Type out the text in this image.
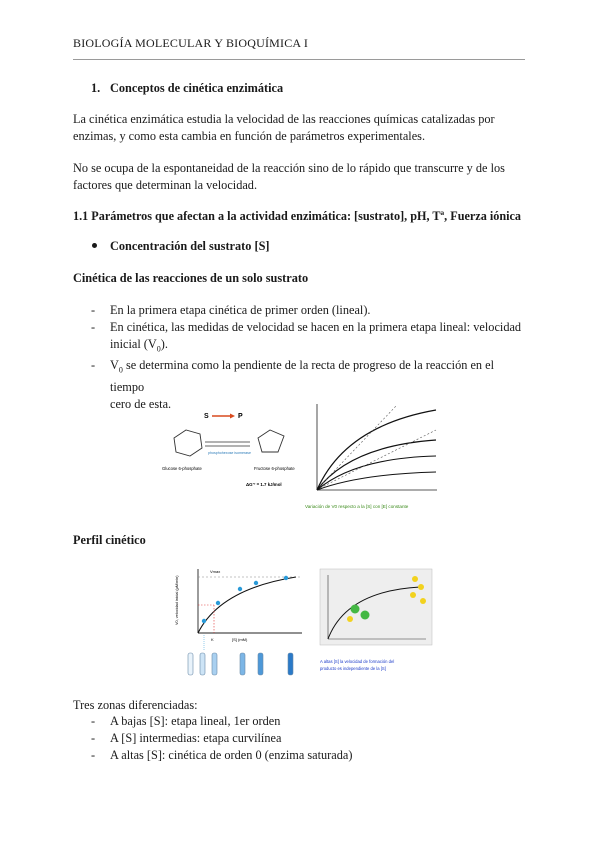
BIOLOGÍA MOLECULAR Y BIOQUÍMICA I
1. Conceptos de cinética enzimática
La cinética enzimática estudia la velocidad de las reacciones químicas catalizadas por
enzimas, y como esta cambia en función de parámetros experimentales.
No se ocupa de la espontaneidad de la reacción sino de lo rápido que transcurre y de los
factores que determinan la velocidad.
1.1 Parámetros que afectan a la actividad enzimática: [sustrato], pH, Tª, Fuerza iónica
Concentración del sustrato [S]
Cinética de las reacciones de un solo sustrato
- En la primera etapa cinética de primer orden (lineal).
- En cinética, las medidas de velocidad se hacen en la primera etapa lineal: velocidad
inicial $(V_0)$.
- $V_0$ se determina como la pendiente de la recta de progreso de la reacción en el tiempo
cero de esta.
S	P
phosphohexose isomerase
Glucose 6-phosphate	Fructose 6-phosphate
ΔG'° = 1.7 kJ/mol
Variación de V0 respecto a la [S] con [E] constante
Perfil cinético
Vmax
V0, velocidad inicial (µM/min)
[S] (mM)
K
A altas [S] la velocidad de formación del
producto es independiente de la [S]
Tres zonas diferenciadas:
- A bajas [S]: etapa lineal, 1er orden
- A [S] intermedias: etapa curvilínea
- A altas [S]: cinética de orden 0 (enzima saturada)
